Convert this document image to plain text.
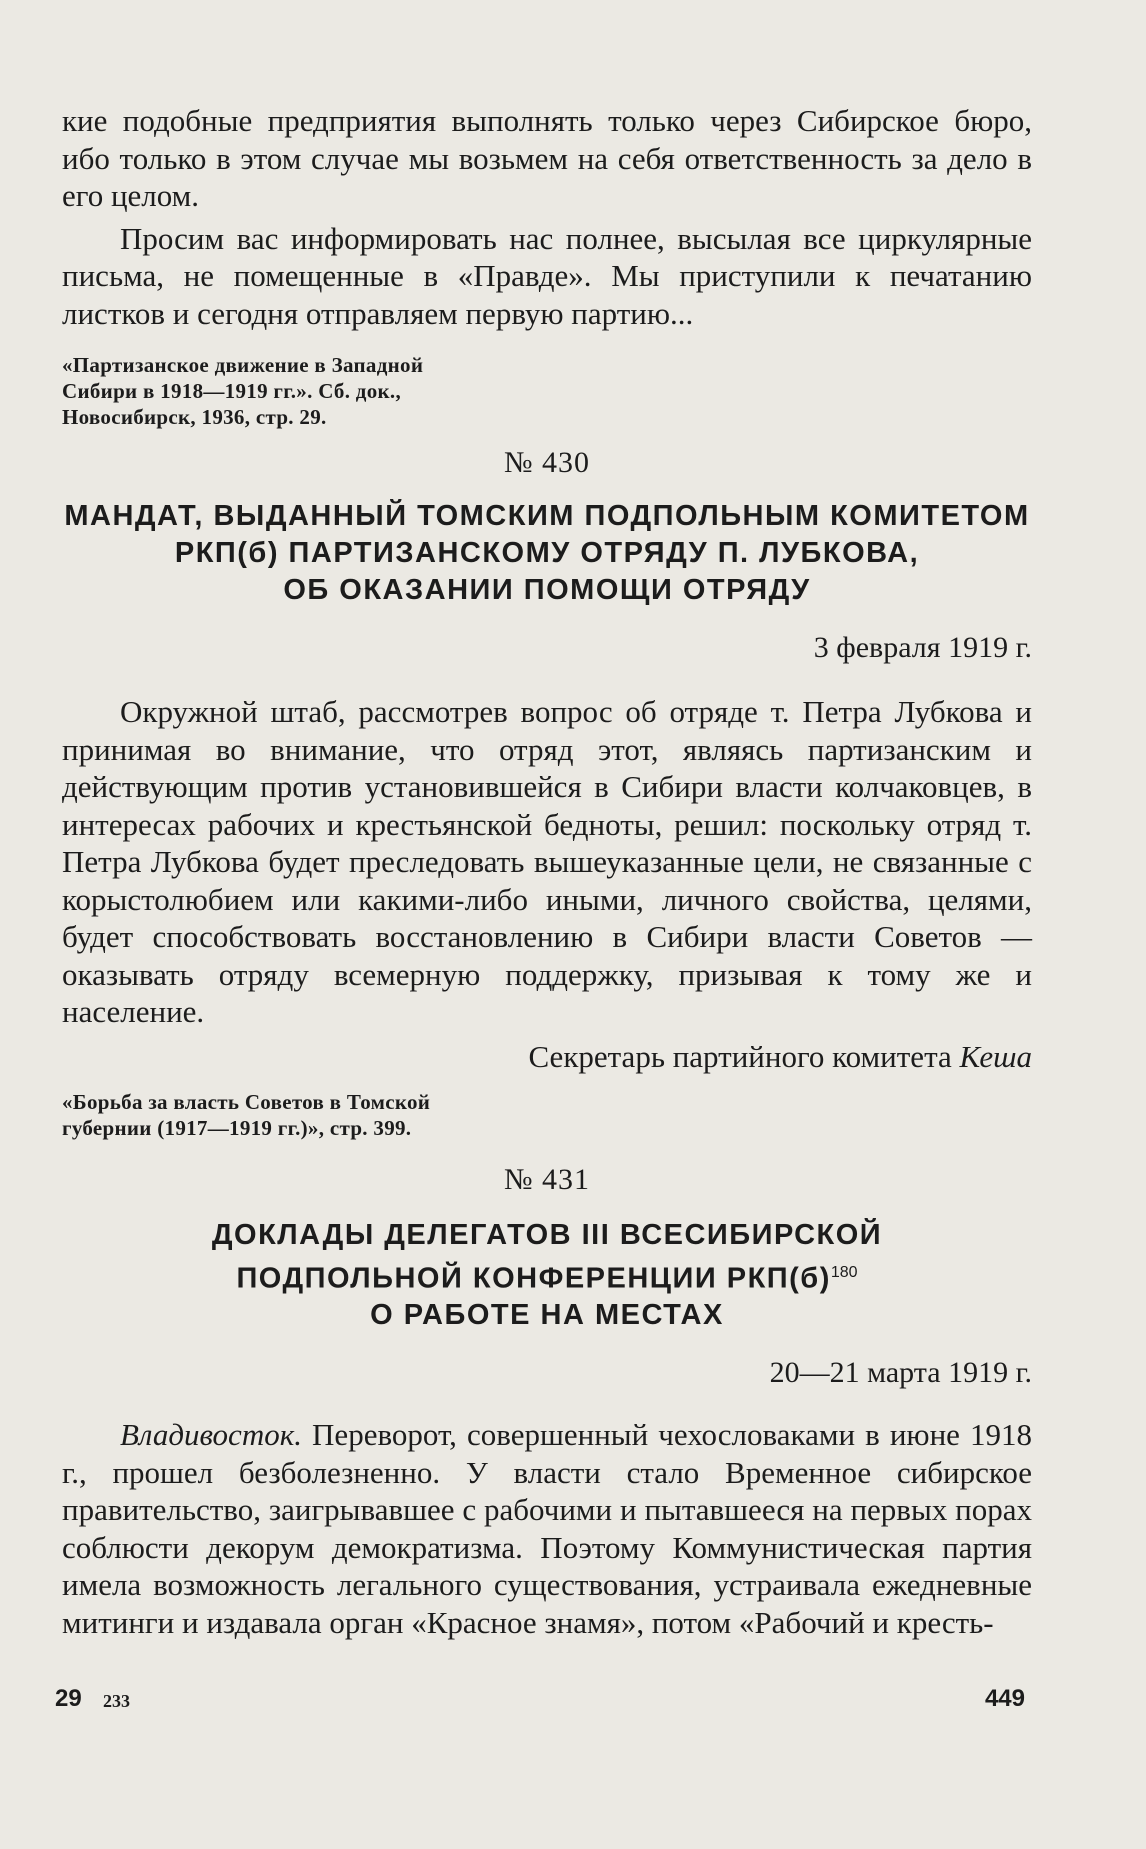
кие подобные предприятия выполнять только через Сибирское бюро, ибо только в этом случае мы возьмем на себя ответственность за дело в его целом.

Просим вас информировать нас полнее, высылая все циркулярные письма, не помещенные в «Правде». Мы приступили к печатанию листков и сегодня отправляем первую партию...

«Партизанское движение в Западной Сибири в 1918—1919 гг.». Сб. док., Новосибирск, 1936, стр. 29.

№ 430

МАНДАТ, ВЫДАННЫЙ ТОМСКИМ ПОДПОЛЬНЫМ КОМИТЕТОМ

РКП(б) ПАРТИЗАНСКОМУ ОТРЯДУ П. ЛУБКОВА,

ОБ ОКАЗАНИИ ПОМОЩИ ОТРЯДУ

3 февраля 1919 г.

Окружной штаб, рассмотрев вопрос об отряде т. Петра Лубкова и принимая во внимание, что отряд этот, являясь партизанским и действующим против установившейся в Сибири власти колчаковцев, в интересах рабочих и крестьянской бедноты, решил: поскольку отряд т. Петра Лубкова будет преследовать вышеуказанные цели, не связанные с корыстолюбием или какими-либо иными, личного свойства, целями, будет способствовать восстановлению в Сибири власти Советов — оказывать отряду всемерную поддержку, призывая к тому же и население.

Секретарь партийного комитета Кеша

«Борьба за власть Советов в Томской губернии (1917—1919 гг.)», стр. 399.

№ 431

ДОКЛАДЫ ДЕЛЕГАТОВ III ВСЕСИБИРСКОЙ

ПОДПОЛЬНОЙ КОНФЕРЕНЦИИ $РКП(б)^{180}$

О РАБОТЕ НА МЕСТАХ

20—21 марта 1919 г.

Владивосток. Переворот, совершенный чехословаками в июне 1918 г., прошел безболезненно. У власти стало Временное сибирское правительство, заигрывавшее с рабочими и пытавшееся на первых порах соблюсти декорум демократизма. Поэтому Коммунистическая партия имела возможность легального существования, устраивала ежедневные митинги и издавала орган «Красное знамя», потом «Рабочий и кресть-

29 233	449
